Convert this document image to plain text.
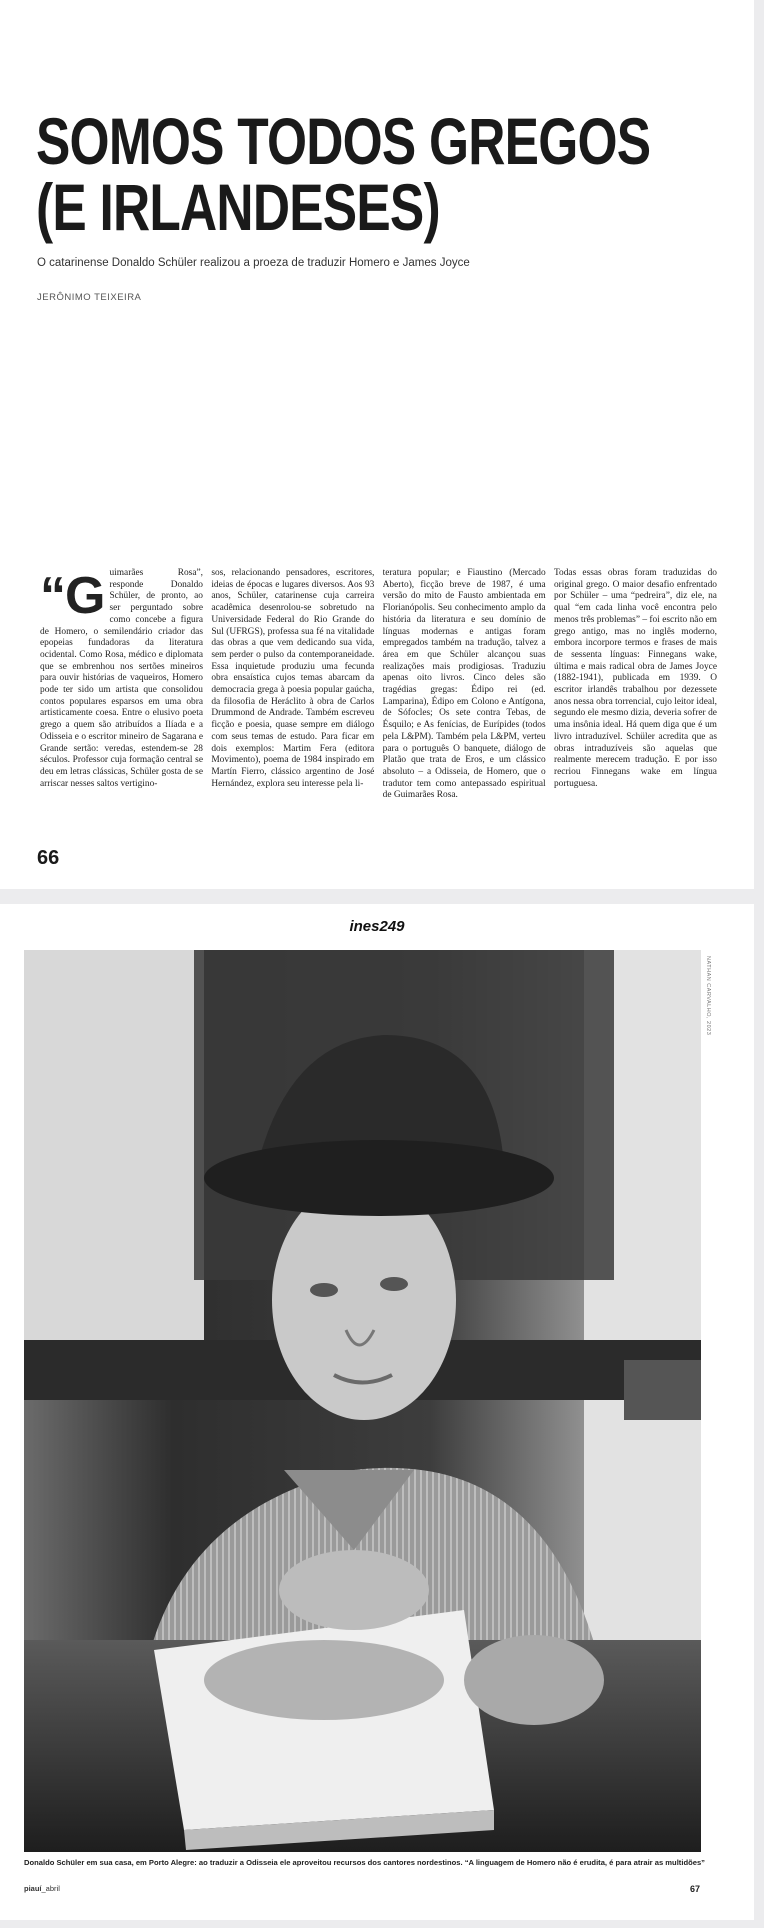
SOMOS TODOS GREGOS
(E IRLANDESES)
O catarinense Donaldo Schüler realizou a proeza de traduzir Homero e James Joyce
JERÔNIMO TEIXEIRA
“G uimarães Rosa”, responde Donaldo Schüler, de pronto, ao ser perguntado sobre como concebe a figura de Homero, o semilendário criador das epopeias fundadoras da literatura ocidental. Como Rosa, médico e diplomata que se embrenhou nos sertões mineiros para ouvir histórias de vaqueiros, Homero pode ter sido um artista que consolidou contos populares esparsos em uma obra artisticamente coesa. Entre o elusivo poeta grego a quem são atribuídos a Ilíada e a Odisseia e o escritor mineiro de Sagarana e Grande sertão: veredas, estendem-se 28 séculos. Professor cuja formação central se deu em letras clássicas, Schüler gosta de se arriscar nesses saltos vertigino-

sos, relacionando pensadores, escritores, ideias de épocas e lugares diversos. Aos 93 anos, Schüler, catarinense cuja carreira acadêmica desenrolou-se sobretudo na Universidade Federal do Rio Grande do Sul (UFRGS), professa sua fé na vitalidade das obras a que vem dedicando sua vida, sem perder o pulso da contemporaneidade. Essa inquietude produziu uma fecunda obra ensaística cujos temas abarcam da democracia grega à poesia popular gaúcha, da filosofia de Heráclito à obra de Carlos Drummond de Andrade. Também escreveu ficção e poesia, quase sempre em diálogo com seus temas de estudo. Para ficar em dois exemplos: Martim Fera (editora Movimento), poema de 1984 inspirado em Martín Fierro, clássico argentino de José Hernández, explora seu interesse pela li-

teratura popular; e Fiaustino (Mercado Aberto), ficção breve de 1987, é uma versão do mito de Fausto ambientada em Florianópolis. Seu conhecimento amplo da história da literatura e seu domínio de línguas modernas e antigas foram empregados também na tradução, talvez a área em que Schüler alcançou suas realizações mais prodigiosas. Traduziu apenas oito livros. Cinco deles são tragédias gregas: Édipo rei (ed. Lamparina), Édipo em Colono e Antígona, de Sófocles; Os sete contra Tebas, de Ésquilo; e As fenícias, de Eurípides (todos pela L&PM). Também pela L&PM, verteu para o português O banquete, diálogo de Platão que trata de Eros, e um clássico absoluto – a Odisseia, de Homero, que o tradutor tem como antepassado espiritual de Guimarães Rosa.

Todas essas obras foram traduzidas do original grego. O maior desafio enfrentado por Schüler – uma “pedreira”, diz ele, na qual “em cada linha você encontra pelo menos três problemas” – foi escrito não em grego antigo, mas no inglês moderno, embora incorpore termos e frases de mais de sessenta línguas: Finnegans wake, última e mais radical obra de James Joyce (1882-1941), publicada em 1939. O escritor irlandês trabalhou por dezessete anos nessa obra torrencial, cujo leitor ideal, segundo ele mesmo dizia, deveria sofrer de uma insônia ideal. Há quem diga que é um livro intraduzível. Schüler acredita que as obras intraduzíveis são aquelas que realmente merecem tradução. E por isso recriou Finnegans wake em língua portuguesa.

66
ines249
NATHAN CARVALHO, 2023
Donaldo Schüler em sua casa, em Porto Alegre: ao traduzir a Odisseia ele aproveitou recursos dos cantores nordestinos. “A linguagem de Homero não é erudita, é para atrair as multidões”
piauí_abril	67
